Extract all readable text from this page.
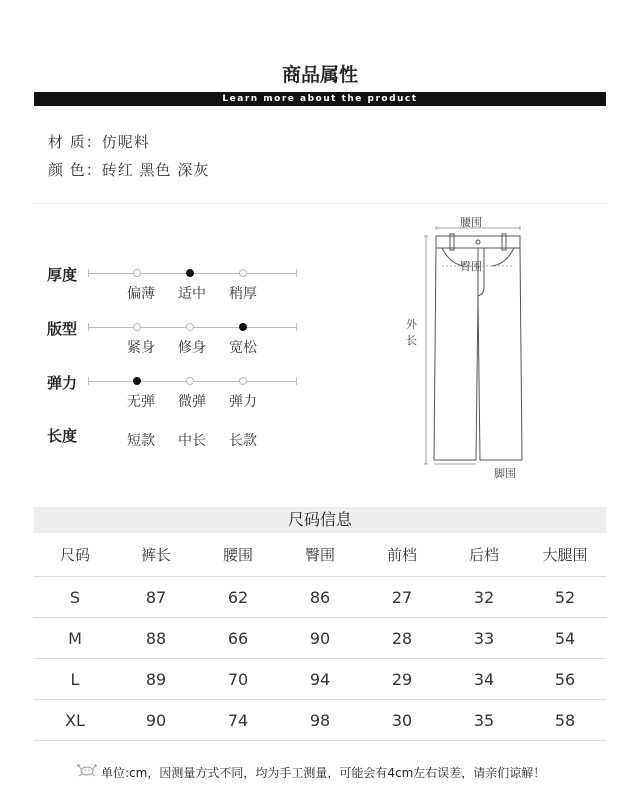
商品属性
Learn more about the product
材 质：仿呢料
颜 色：砖红 黑色 深灰
厚度
偏薄	适中	稍厚
版型
紧身	修身	宽松
弹力
无弹	微弹	弹力
长度	短款	中长	长款
腰围
臀围
外
长
脚围
尺码信息
尺码	裤长	腰围	臀围	前档	后档	大腿围
S	87	62	86	27	32	52
M	88	66	90	28	33	54
L	89	70	94	29	34	56
XL	90	74	98	30	35	58
单位:cm，因测量方式不同，均为手工测量，可能会有4cm左右误差，请亲们谅解！
